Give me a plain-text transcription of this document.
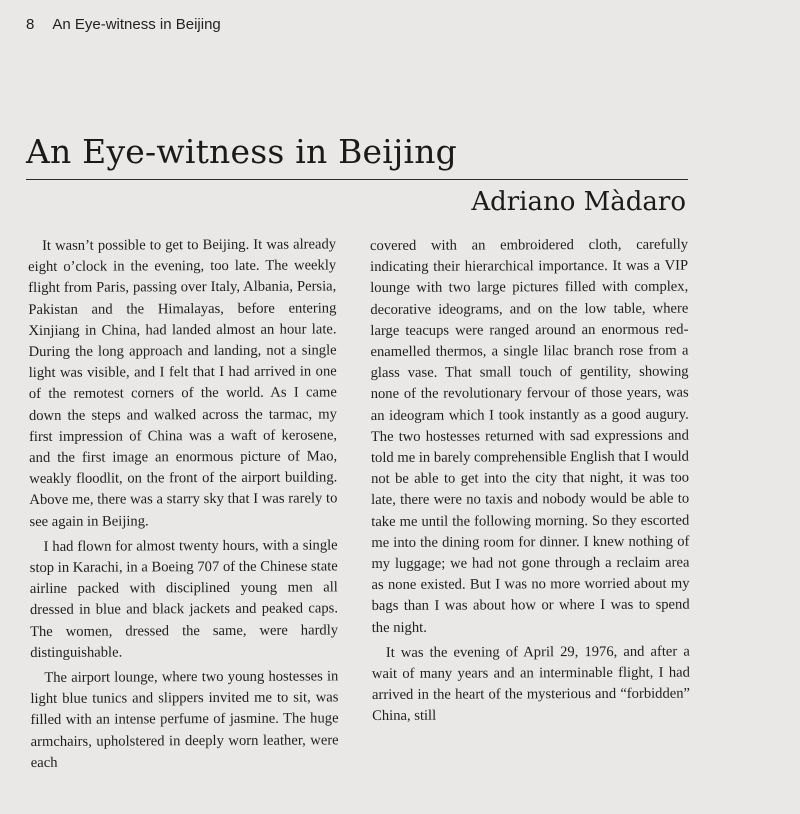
8 An Eye-witness in Beijing
An Eye-witness in Beijing
Adriano Màdaro

It wasn’t possible to get to Beijing. It was already eight o’clock in the evening, too late. The weekly flight from Paris, passing over Italy, Albania, Persia, Pakistan and the Himalayas, before entering Xinjiang in China, had landed almost an hour late. During the long approach and landing, not a single light was visible, and I felt that I had arrived in one of the remotest corners of the world. As I came down the steps and walked across the tarmac, my first impression of China was a waft of kerosene, and the first image an enormous picture of Mao, weakly floodlit, on the front of the airport building. Above me, there was a starry sky that I was rarely to see again in Beijing.

I had flown for almost twenty hours, with a single stop in Karachi, in a Boeing 707 of the Chinese state airline packed with disciplined young men all dressed in blue and black jackets and peaked caps. The women, dressed the same, were hardly distinguishable.

The airport lounge, where two young hostesses in light blue tunics and slippers invited me to sit, was filled with an intense perfume of jasmine. The huge armchairs, upholstered in deeply worn leather, were each

covered with an embroidered cloth, carefully indicating their hierarchical importance. It was a VIP lounge with two large pictures filled with complex, decorative ideograms, and on the low table, where large teacups were ranged around an enormous red-enamelled thermos, a single lilac branch rose from a glass vase. That small touch of gentility, showing none of the revolutionary fervour of those years, was an ideogram which I took instantly as a good augury. The two hostesses returned with sad expressions and told me in barely comprehensible English that I would not be able to get into the city that night, it was too late, there were no taxis and nobody would be able to take me until the following morning. So they escorted me into the dining room for dinner. I knew nothing of my luggage; we had not gone through a reclaim area as none existed. But I was no more worried about my bags than I was about how or where I was to spend the night.

It was the evening of April 29, 1976, and after a wait of many years and an interminable flight, I had arrived in the heart of the mysterious and “forbidden” China, still
